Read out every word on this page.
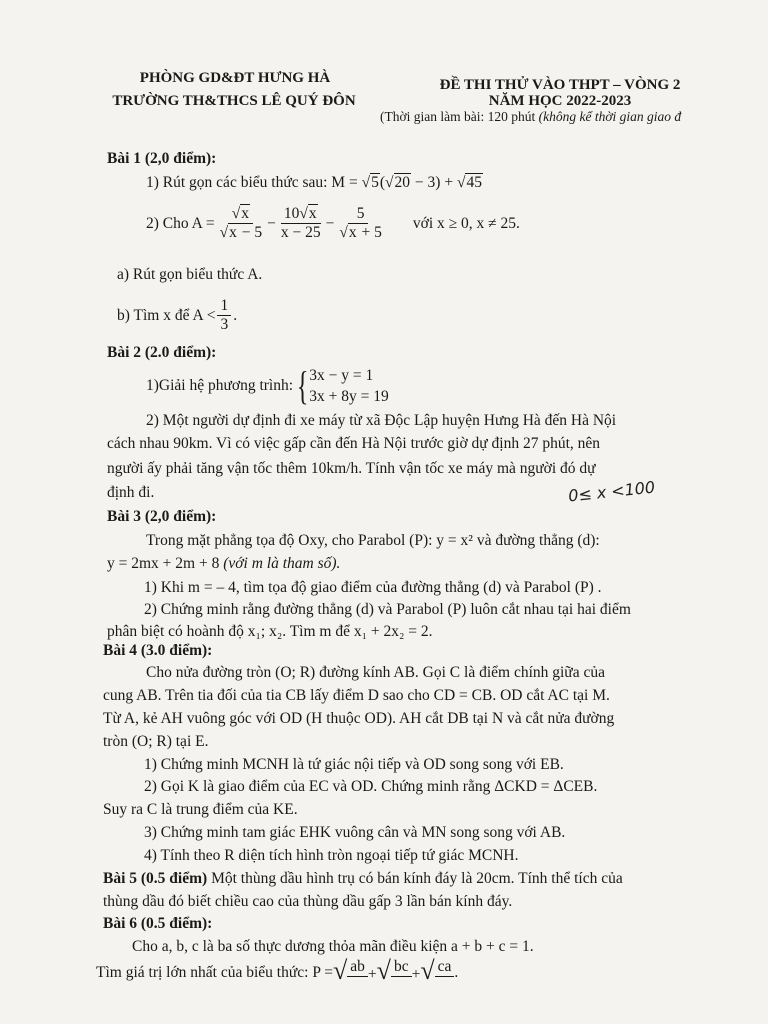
PHÒNG GD&ĐT HƯNG HÀ
TRƯỜNG TH&THCS LÊ QUÝ ĐÔN
ĐỀ THI THỬ VÀO THPT – VÒNG 2
NĂM HỌC 2022-2023
(Thời gian làm bài: 120 phút (không kể thời gian giao đ
Bài 1 (2,0 điểm):
1) Rút gọn các biểu thức sau: M = √ 5( √ 20 − 3) + √ 45
2) Cho A = √ x
√ $x - 5 - \frac{10 √ x}{x - 25} - 5$
√ x + 5 với x ≥ 0, x ≠ 25.
a) Rút gọn biểu thức A.
b) Tìm x để $A < \frac{1}{3}$ .
Bài 2 (2.0 điểm):
1)Giải hệ phương trình: { 3x − y = 1
3x + 8y = 19
2) Một người dự định đi xe máy từ xã Độc Lập huyện Hưng Hà đến Hà Nội
cách nhau 90km. Vì có việc gấp cần đến Hà Nội trước giờ dự định 27 phút, nên
người ấy phải tăng vận tốc thêm 10km/h. Tính vận tốc xe máy mà người đó dự
định đi.	0≤ x <100
Bài 3 (2,0 điểm):
Trong mặt phẳng tọa độ Oxy, cho Parabol (P): y = x² và đường thẳng (d):
y = 2mx + 2m + 8 (với m là tham số).
1) Khi m = – 4, tìm tọa độ giao điểm của đường thẳng (d) và Parabol (P) .
2) Chứng minh rằng đường thẳng (d) và Parabol (P) luôn cắt nhau tại hai điểm
phân biệt có hoành độ x₁; x₂. Tìm m để x₁ + 2x₂ = 2.
Bài 4 (3.0 điểm):
Cho nửa đường tròn (O; R) đường kính AB. Gọi C là điểm chính giữa của
cung AB. Trên tia đối của tia CB lấy điểm D sao cho CD = CB. OD cắt AC tại M.
Từ A, kẻ AH vuông góc với OD (H thuộc OD). AH cắt DB tại N và cắt nửa đường
tròn (O; R) tại E.
1) Chứng minh MCNH là tứ giác nội tiếp và OD song song với EB.
2) Gọi K là giao điểm của EC và OD. Chứng minh rằng ΔCKD = ΔCEB.
Suy ra C là trung điểm của KE.
3) Chứng minh tam giác EHK vuông cân và MN song song với AB.
4) Tính theo R diện tích hình tròn ngoại tiếp tứ giác MCNH.
Bài 5 (0.5 điểm) Một thùng dầu hình trụ có bán kính đáy là 20cm. Tính thể tích của
thùng dầu đó biết chiều cao của thùng dầu gấp 3 lần bán kính đáy.
Bài 6 (0.5 điểm):
Cho a, b, c là ba số thực dương thỏa mãn điều kiện a + b + c = 1.
Tìm giá trị lớn nhất của biểu thức: P = √ ab
+ √ bc
+ √ ca
.
